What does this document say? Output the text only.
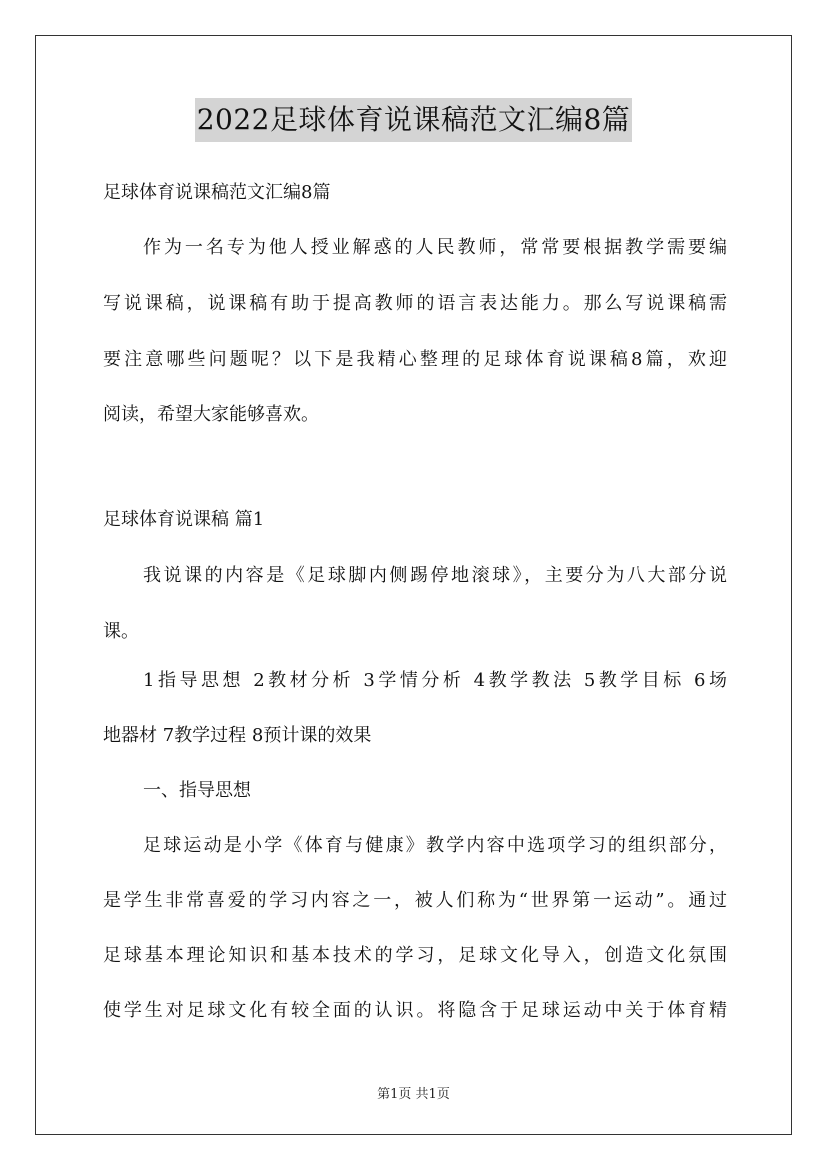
2022足球体育说课稿范文汇编8篇
足球体育说课稿范文汇编8篇
作为一名专为他人授业解惑的人民教师，常常要根据教学需要编
写说课稿，说课稿有助于提高教师的语言表达能力。那么写说课稿需
要注意哪些问题呢？以下是我精心整理的足球体育说课稿8篇，欢迎
阅读，希望大家能够喜欢。
足球体育说课稿 篇1
我说课的内容是《足球脚内侧踢停地滚球》，主要分为八大部分说
课。
1指导思想 2教材分析 3学情分析 4教学教法 5教学目标 6场
地器材 7教学过程 8预计课的效果
一、指导思想
足球运动是小学《体育与健康》教学内容中选项学习的组织部分，
是学生非常喜爱的学习内容之一，被人们称为“世界第一运动”。通过
足球基本理论知识和基本技术的学习，足球文化导入，创造文化氛围
使学生对足球文化有较全面的认识。将隐含于足球运动中关于体育精
第1页 共1页
